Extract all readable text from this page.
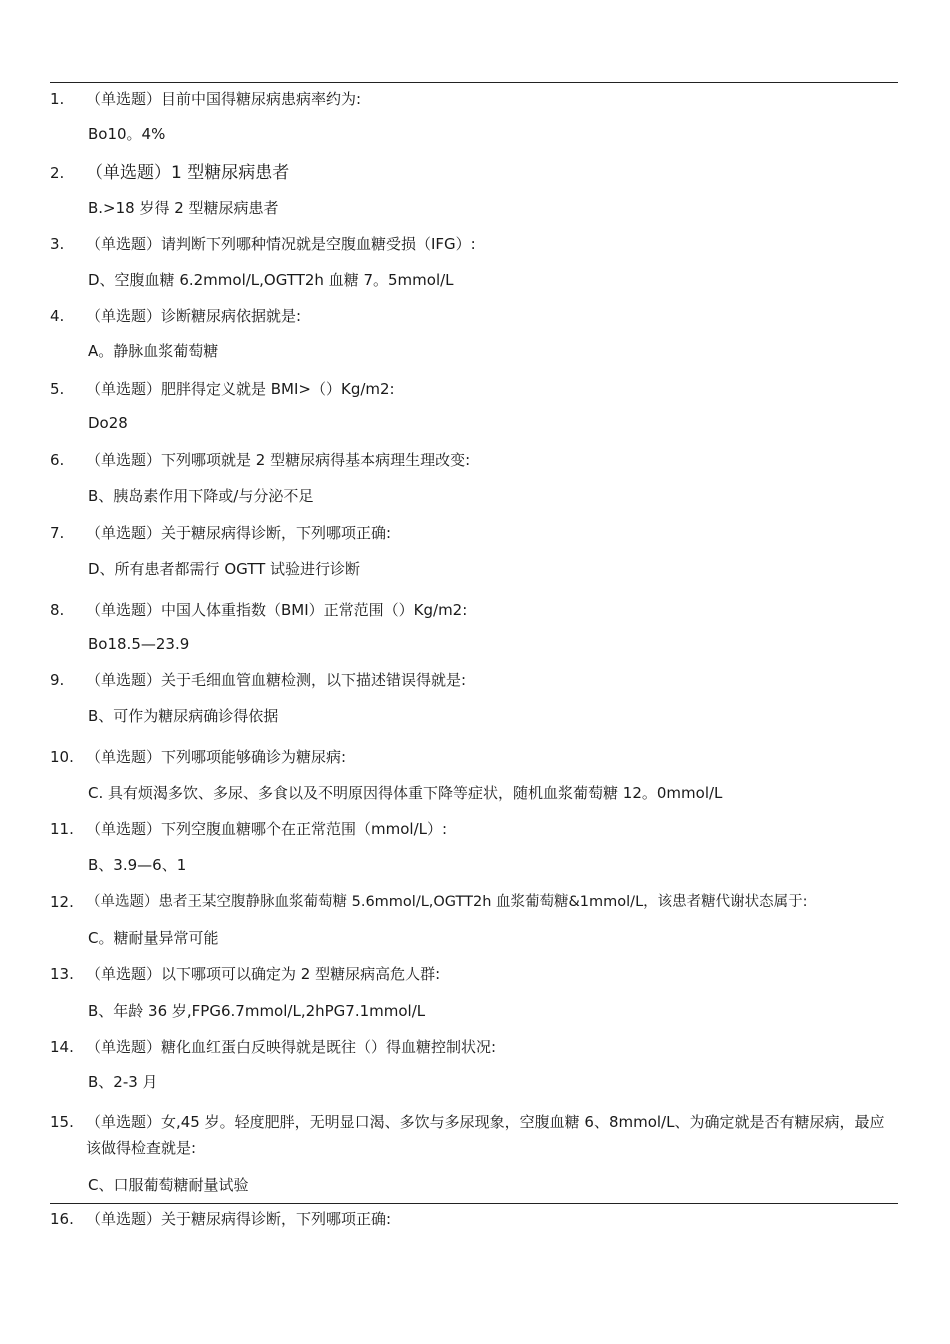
1.	（单选题）目前中国得糖尿病患病率约为:
Bo10。4%
2.	（单选题）1 型糖尿病患者
B.>18 岁得 2 型糖尿病患者
3.	（单选题）请判断下列哪种情况就是空腹血糖受损（IFG）:
D、空腹血糖 6.2mmol/L,OGTT2h 血糖 7。5mmol/L
4.	（单选题）诊断糖尿病依据就是:
A。静脉血浆葡萄糖
5.	（单选题）肥胖得定义就是 BMI>（）Kg/m2:
Do28
6.	（单选题）下列哪项就是 2 型糖尿病得基本病理生理改变:
B、胰岛素作用下降或/与分泌不足
7.	（单选题）关于糖尿病得诊断，下列哪项正确:
D、所有患者都需行 OGTT 试验进行诊断
8.	（单选题）中国人体重指数（BMI）正常范围（）Kg/m2:
Bo18.5—23.9
9.	（单选题）关于毛细血管血糖检测，以下描述错误得就是:
B、可作为糖尿病确诊得依据
10. （单选题）下列哪项能够确诊为糖尿病:
C. 具有烦渴多饮、多尿、多食以及不明原因得体重下降等症状，随机血浆葡萄糖 12。0mmol/L
11. （单选题）下列空腹血糖哪个在正常范围（mmol/L）:
B、3.9—6、1
12. （单选题）患者王某空腹静脉血浆葡萄糖 5.6mmol/L,OGTT2h 血浆葡萄糖&1mmol/L，该患者糖代谢状态属于:
C。糖耐量异常可能
13. （单选题）以下哪项可以确定为 2 型糖尿病高危人群:
B、年龄 36 岁,FPG6.7mmol/L,2hPG7.1mmol/L
14. （单选题）糖化血红蛋白反映得就是既往（）得血糖控制状况:
B、2-3 月
15. （单选题）女,45 岁。轻度肥胖，无明显口渴、多饮与多尿现象，空腹血糖 6、8mmol/L、为确定就是否有糖尿病，最应该做得检查就是:
C、口服葡萄糖耐量试验
16. （单选题）关于糖尿病得诊断，下列哪项正确:
